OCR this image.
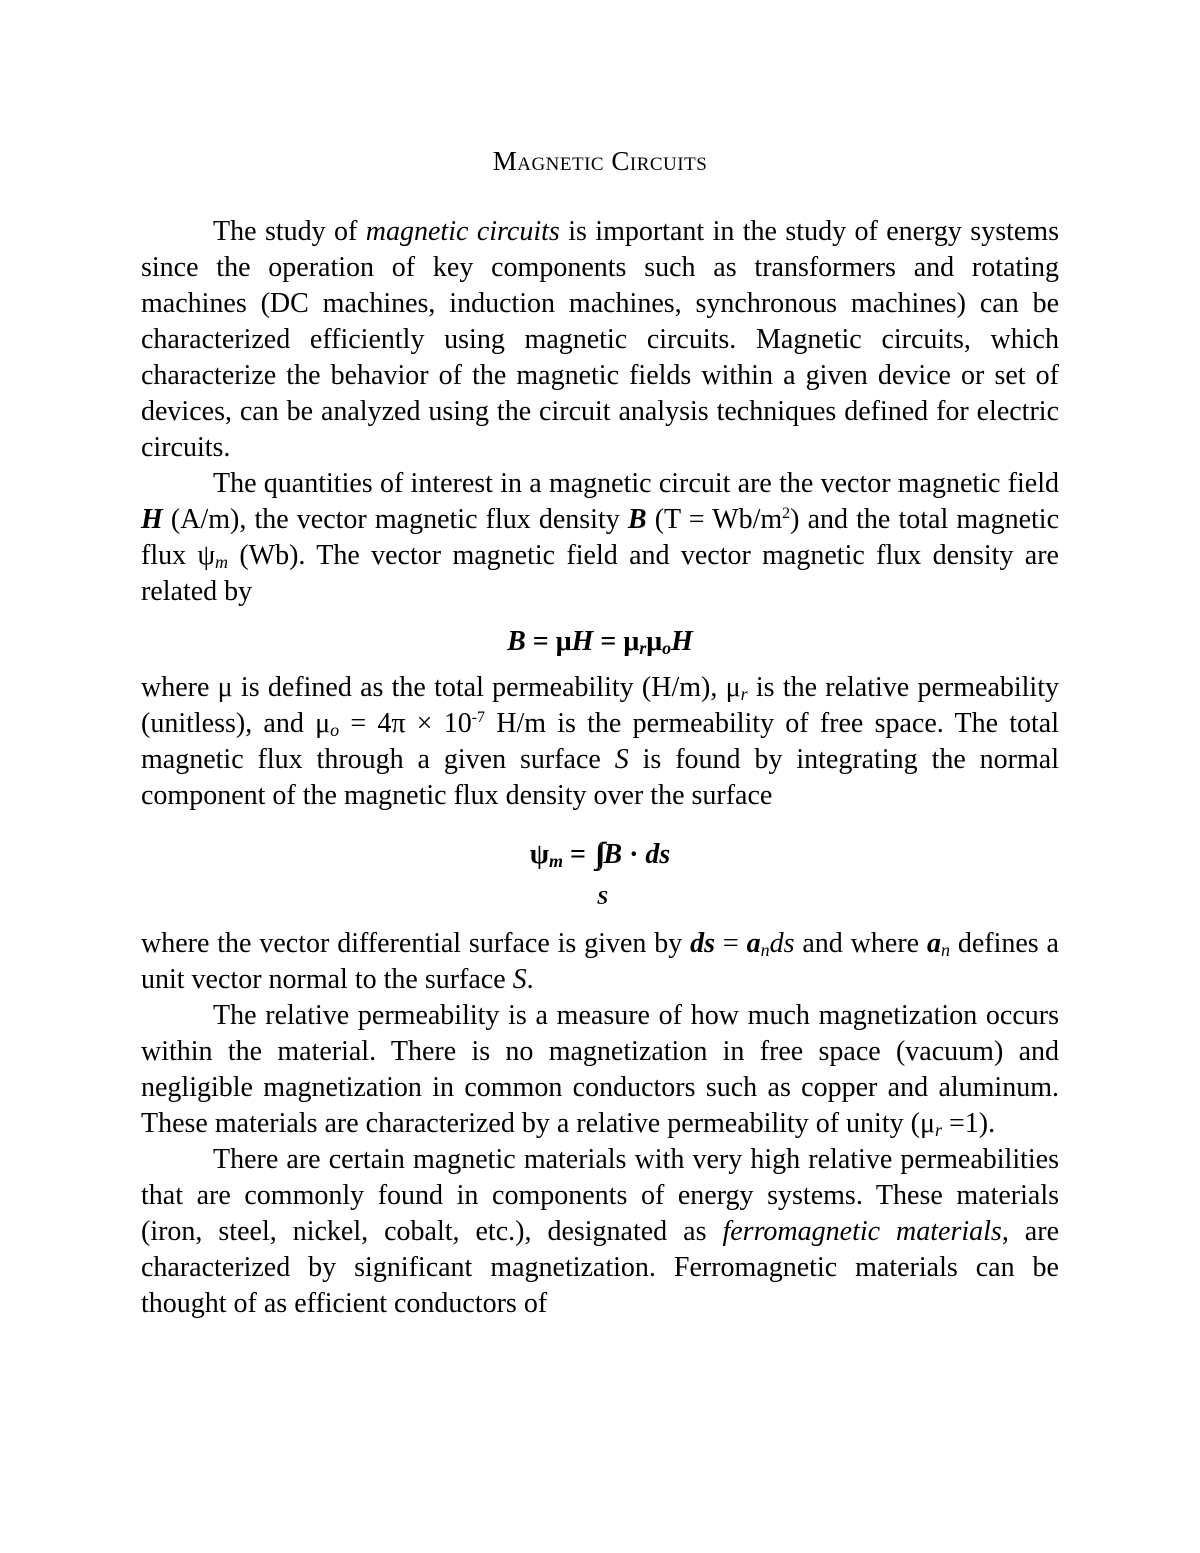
Magnetic Circuits

The study of magnetic circuits is important in the study of energy systems since the operation of key components such as transformers and rotating machines (DC machines, induction machines, synchronous machines) can be characterized efficiently using magnetic circuits. Magnetic circuits, which characterize the behavior of the magnetic fields within a given device or set of devices, can be analyzed using the circuit analysis techniques defined for electric circuits.

The quantities of interest in a magnetic circuit are the vector magnetic field H (A/m), the vector magnetic flux density B $(T = Wb/m^2)$ and the total magnetic flux $\psi_m$ (Wb). The vector magnetic field and vector magnetic flux density are related by

$B = \mu H = \mu_r\mu_oH$

where μ is defined as the total permeability (H/m), $\mu_r$ is the relative permeability (unitless), and $\mu_o = 4\pi \times 10^{-7}$ H/m is the permeability of free space. The total magnetic flux through a given surface S is found by integrating the normal component of the magnetic flux density over the surface

$\psi_m$ = ∫∫ B · ds
S

where the vector differential surface is given by ds = $a_nds$ and where $a_n$ defines a unit vector normal to the surface S.

The relative permeability is a measure of how much magnetization occurs within the material. There is no magnetization in free space (vacuum) and negligible magnetization in common conductors such as copper and aluminum. These materials are characterized by a relative permeability of unity $(\mu_r =1)$.

There are certain magnetic materials with very high relative permeabilities that are commonly found in components of energy systems. These materials (iron, steel, nickel, cobalt, etc.), designated as ferromagnetic materials, are characterized by significant magnetization. Ferromagnetic materials can be thought of as efficient conductors of
